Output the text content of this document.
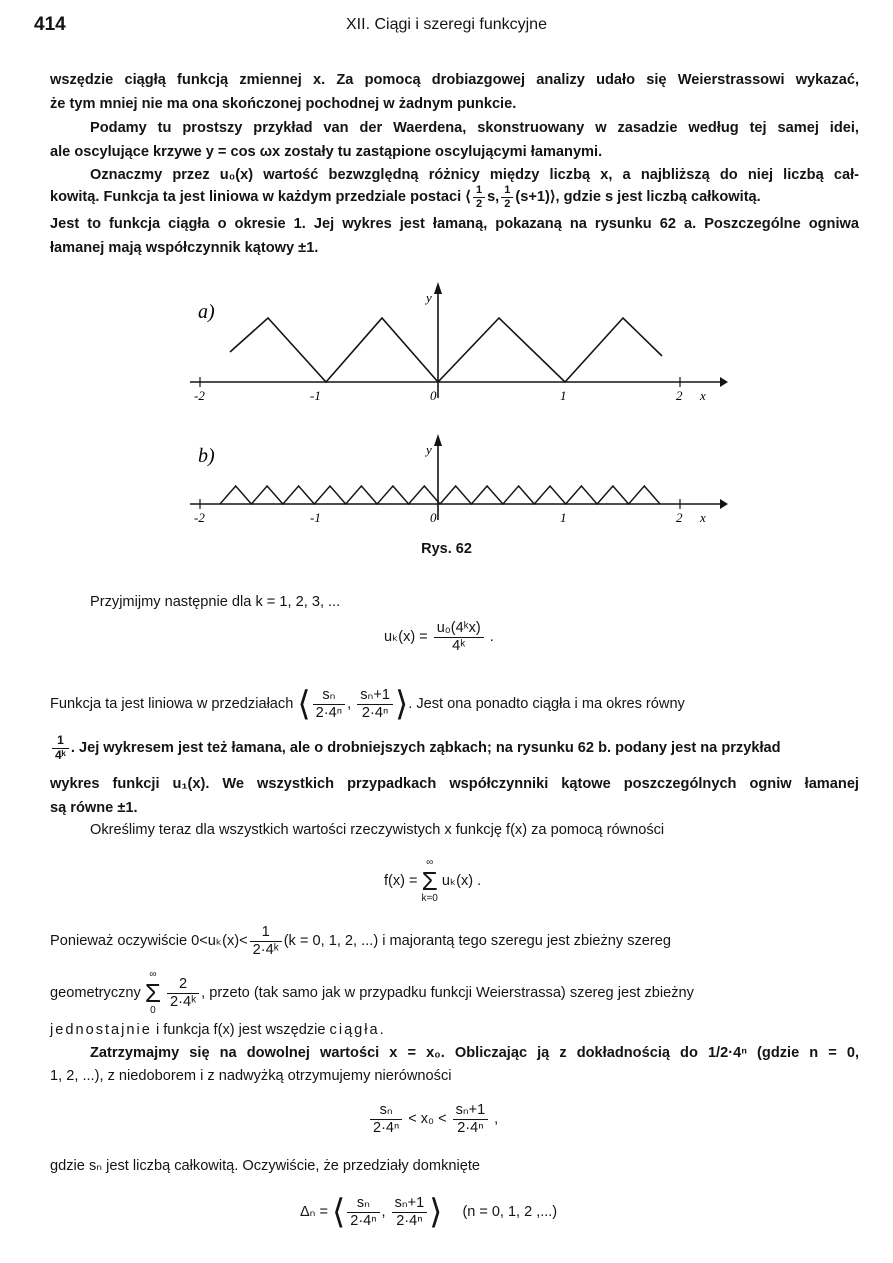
414	XII. Ciągi i szeregi funkcyjne
wszędzie ciągłą funkcją zmiennej x. Za pomocą drobiazgowej analizy udało się Weierstrassowi wykazać,
że tym mniej nie ma ona skończonej pochodnej w żadnym punkcie.
Podamy tu prostszy przykład van der Waerdena, skonstruowany w zasadzie według tej samej idei,
ale oscylujące krzywe y = cos ωx zostały tu zastąpione oscylującymi łamanymi.
Oznaczmy przez u₀(x) wartość bezwzględną różnicy między liczbą x, a najbliższą do niej liczbą cał-
kowitą. Funkcja ta jest liniowa w każdym przedziale postaci ⟨ $\frac{1}{2} s$, $\frac{1}{2}$ (s+1)⟩, gdzie s jest liczbą całkowitą.
Jest to funkcja ciągła o okresie 1. Jej wykres jest łamaną, pokazaną na rysunku 62 a. Poszczególne ogniwa
łamanej mają współczynnik kątowy ±1.
a)
y
-2	-1	0	1	2 x
b)	y
-2	-1	0	1	2 x
Rys. 62
Przyjmijmy następnie dla k = 1, 2, 3, ...
$u_k(x) = \frac{\text{u₀(4ᵏx)}}{\text{4ᵏ}}$ .
Funkcja ta jest liniowa w przedziałach ⟨ $\frac{\text{sₙ}}{\text{2·4ⁿ}}$ , $\frac{\text{sₙ+1}}{\text{2·4ⁿ}}$ ⟩. Jest ona ponadto ciągła i ma okres równy
$\frac{1}{\text{4ᵏ}}$ . Jej wykresem jest też łamana, ale o drobniejszych ząbkach; na rysunku 62 b. podany jest na przykład
wykres funkcji u₁(x). We wszystkich przypadkach współczynniki kątowe poszczególnych ogniw łamanej
są równe ±1.
Określimy teraz dla wszystkich wartości rzeczywistych x funkcję f(x) za pomocą równości
f(x) =
∞
Σ
k=0
uₖ(x) .
Ponieważ oczywiście $0<u_k(x)< \frac{1}{\text{2·4ᵏ}} (k = 0$, 1, 2, ...) i majorantą tego szeregu jest zbieżny szereg
geometryczny
∞
Σ
0

$\frac{2}{\text{2·4ᵏ}}$ , przeto (tak samo jak w przypadku funkcji Weierstrassa) szereg jest zbieżny
jednostajnie i funkcja f(x) jest wszędzie ciągła.
Zatrzymajmy się na dowolnej wartości x = x₀. Obliczając ją z dokładnością do 1/2·4ⁿ (gdzie n = 0,
1, 2, ...), z niedoborem i z nadwyżką otrzymujemy nierówności
$\frac{\text{sₙ}}{\text{2·4ⁿ}} < x_0 < \frac{\text{sₙ+1}}{\text{2·4ⁿ}}$ ,
gdzie sₙ jest liczbą całkowitą. Oczywiście, że przedziały domknięte
Δₙ = ⟨ $\frac{\text{sₙ}}{\text{2·4ⁿ}}$ , $\frac{\text{sₙ+1}}{\text{2·4ⁿ}}$ ⟩ (n = 0, 1, 2 ,...)
